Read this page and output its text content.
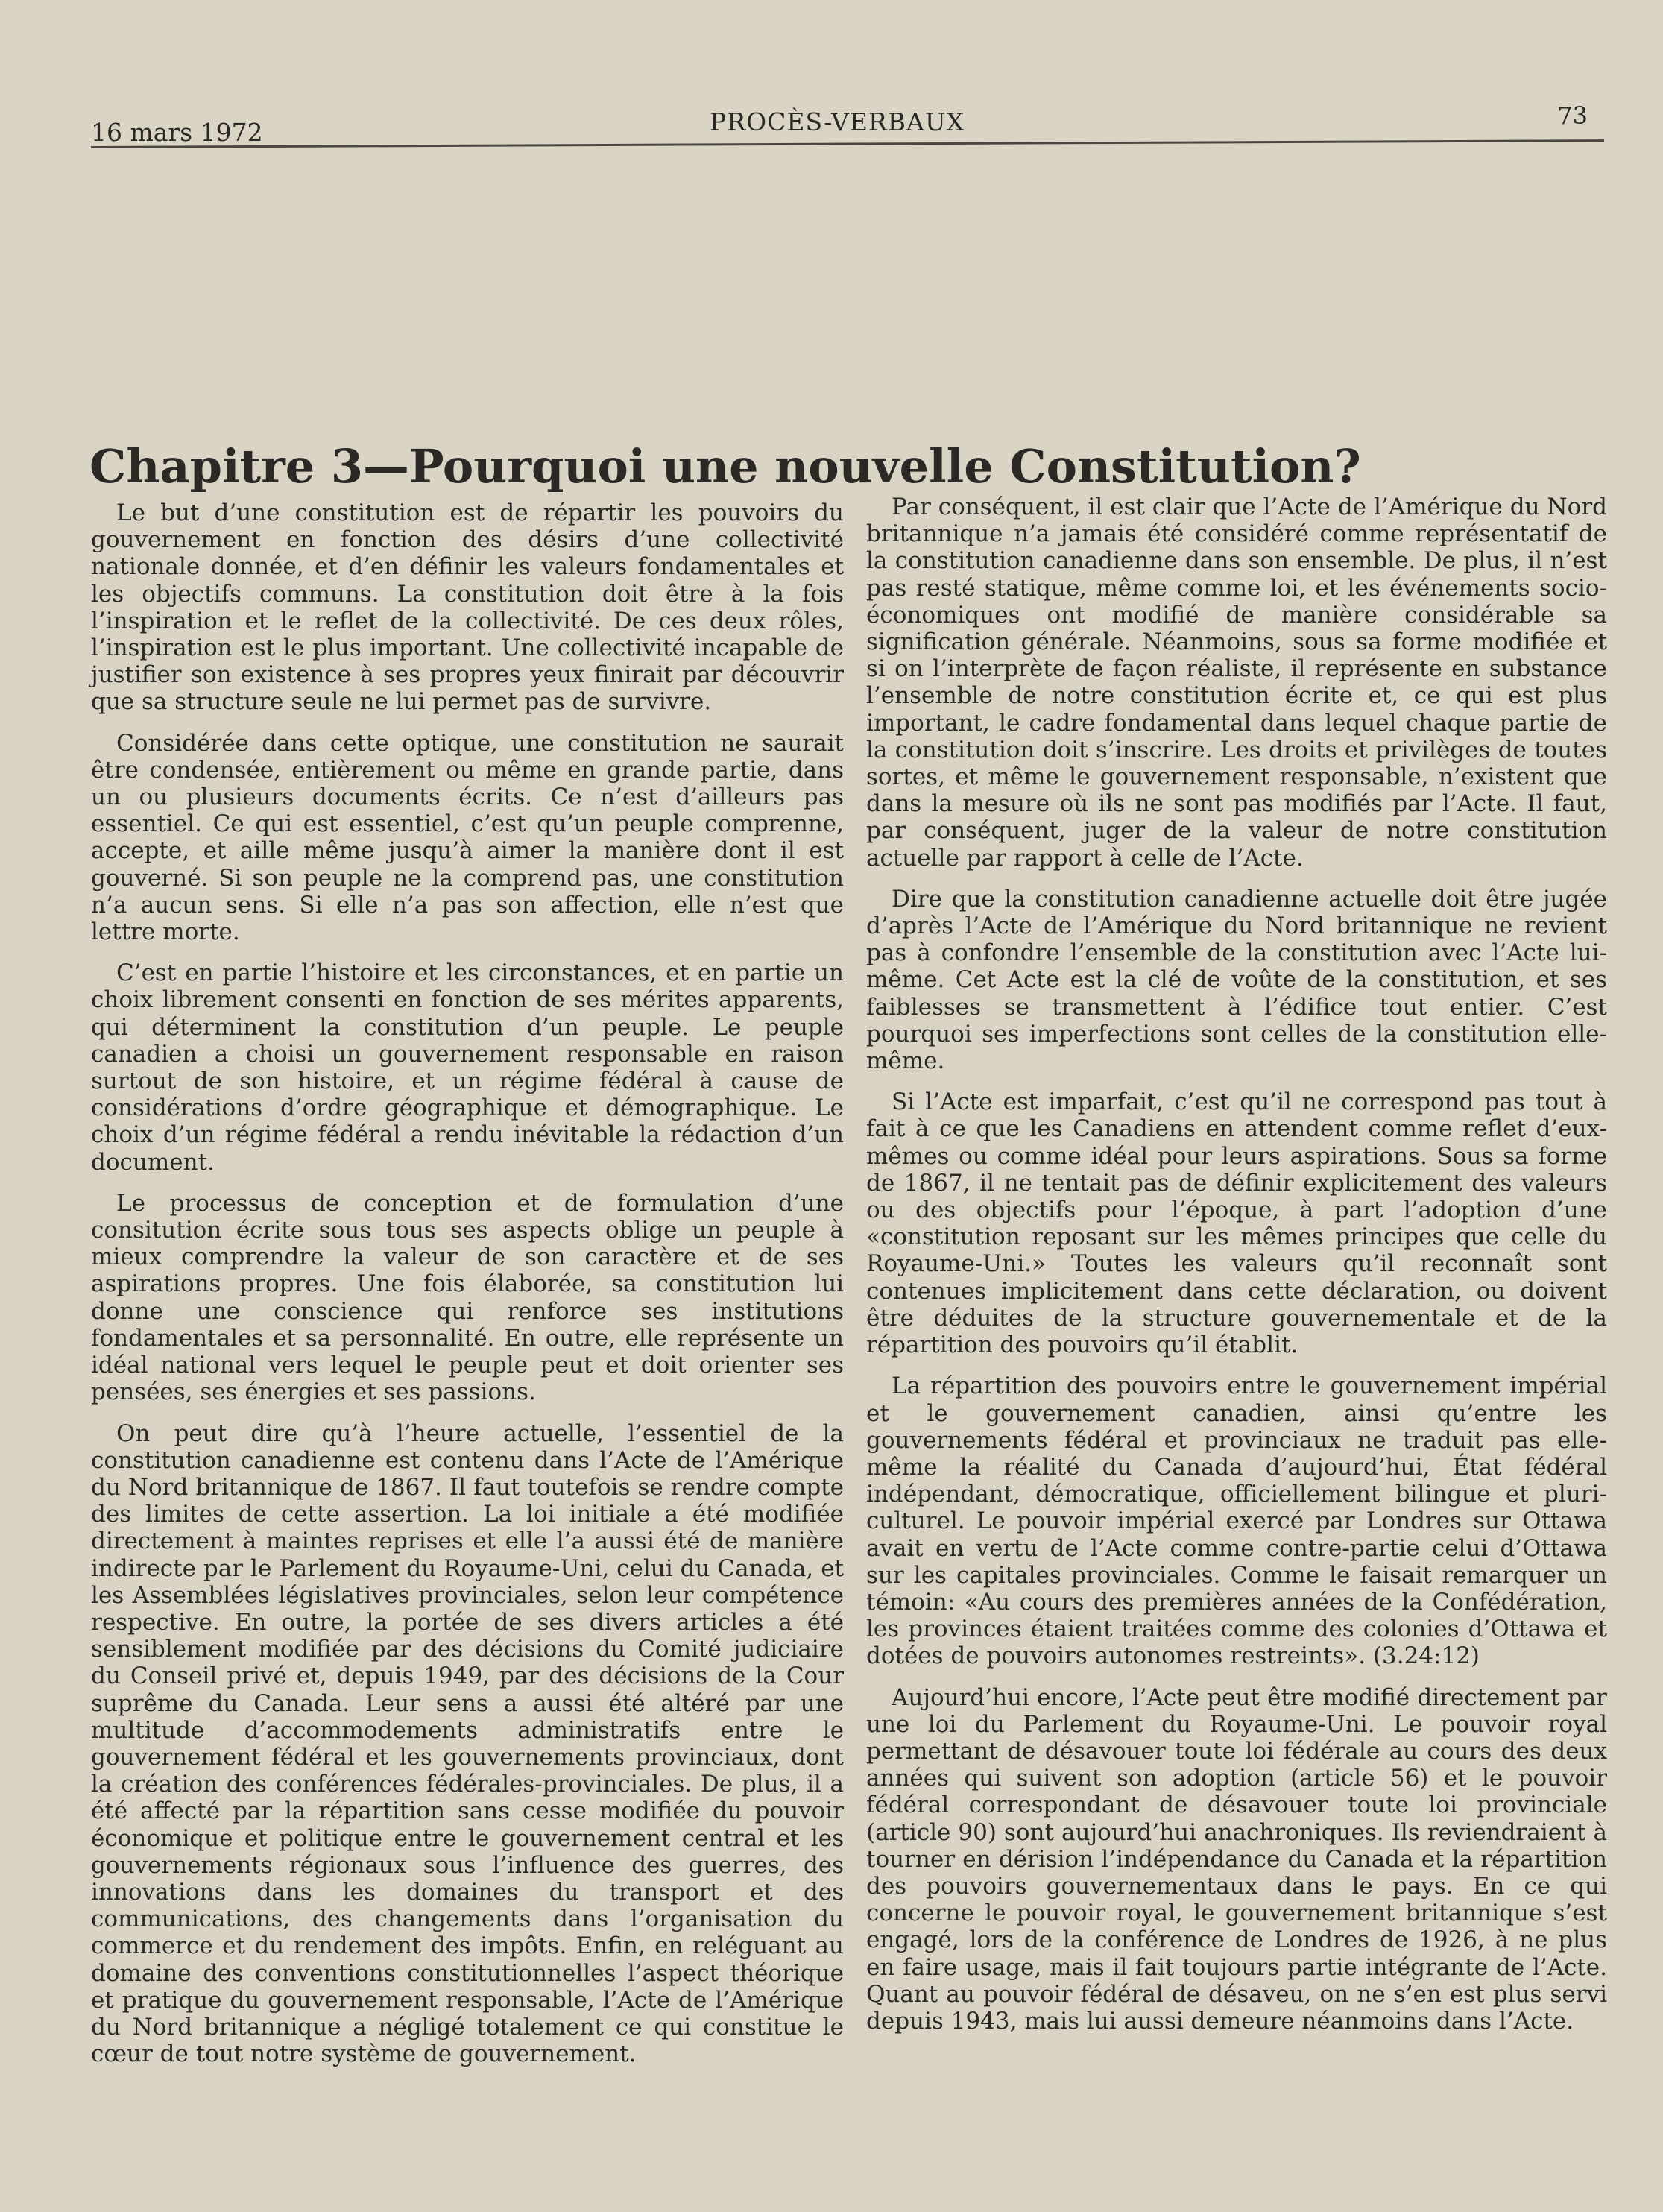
16 mars 1972	PROCÈS-VERBAUX	73
Chapitre 3—Pourquoi une nouvelle Constitution?

Le but d’une constitution est de répartir les pouvoirs du gouvernement en fonction des désirs d’une collectivité nationale donnée, et d’en définir les valeurs fondamentales et les objectifs communs. La constitution doit être à la fois l’inspiration et le reflet de la collectivité. De ces deux rôles, l’inspiration est le plus important. Une collectivité incapable de justifier son existence à ses propres yeux finirait par découvrir que sa structure seule ne lui permet pas de survivre.

Considérée dans cette optique, une constitution ne saurait être condensée, entièrement ou même en grande partie, dans un ou plusieurs documents écrits. Ce n’est d’ailleurs pas essentiel. Ce qui est essentiel, c’est qu’un peuple comprenne, accepte, et aille même jusqu’à aimer la manière dont il est gouverné. Si son peuple ne la comprend pas, une constitution n’a aucun sens. Si elle n’a pas son affection, elle n’est que lettre morte.

C’est en partie l’histoire et les circonstances, et en partie un choix librement consenti en fonction de ses mérites apparents, qui déterminent la constitution d’un peuple. Le peuple canadien a choisi un gouvernement responsable en raison surtout de son histoire, et un régime fédéral à cause de considérations d’ordre géographique et démographique. Le choix d’un régime fédéral a rendu inévitable la rédaction d’un document.

Le processus de conception et de formulation d’une consitution écrite sous tous ses aspects oblige un peuple à mieux comprendre la valeur de son caractère et de ses aspirations propres. Une fois élaborée, sa constitution lui donne une conscience qui renforce ses institutions fondamentales et sa personnalité. En outre, elle représente un idéal national vers lequel le peuple peut et doit orienter ses pensées, ses énergies et ses passions.

On peut dire qu’à l’heure actuelle, l’essentiel de la constitution canadienne est contenu dans l’Acte de l’Amérique du Nord britannique de 1867. Il faut toutefois se rendre compte des limites de cette assertion. La loi initiale a été modifiée directement à maintes reprises et elle l’a aussi été de manière indirecte par le Parlement du Royaume-Uni, celui du Canada, et les Assemblées législatives provinciales, selon leur compétence respective. En outre, la portée de ses divers articles a été sensiblement modifiée par des décisions du Comité judiciaire du Conseil privé et, depuis 1949, par des décisions de la Cour suprême du Canada. Leur sens a aussi été altéré par une multitude d’accommodements administratifs entre le gouvernement fédéral et les gouvernements provinciaux, dont la création des conférences fédérales-provinciales. De plus, il a été affecté par la répartition sans cesse modifiée du pouvoir économique et politique entre le gouvernement central et les gouvernements régionaux sous l’influence des guerres, des innovations dans les domaines du transport et des communications, des changements dans l’organisation du commerce et du rendement des impôts. Enfin, en reléguant au domaine des conventions constitutionnelles l’aspect théorique et pratique du gouvernement responsable, l’Acte de l’Amérique du Nord britannique a négligé totalement ce qui constitue le cœur de tout notre système de gouvernement.

Par conséquent, il est clair que l’Acte de l’Amérique du Nord britannique n’a jamais été considéré comme représentatif de la constitution canadienne dans son ensemble. De plus, il n’est pas resté statique, même comme loi, et les événements socio-économiques ont modifié de manière considérable sa signification générale. Néanmoins, sous sa forme modifiée et si on l’interprète de façon réaliste, il représente en substance l’ensemble de notre constitution écrite et, ce qui est plus important, le cadre fondamental dans lequel chaque partie de la constitution doit s’inscrire. Les droits et privilèges de toutes sortes, et même le gouvernement responsable, n’existent que dans la mesure où ils ne sont pas modifiés par l’Acte. Il faut, par conséquent, juger de la valeur de notre constitution actuelle par rapport à celle de l’Acte.

Dire que la constitution canadienne actuelle doit être jugée d’après l’Acte de l’Amérique du Nord britannique ne revient pas à confondre l’ensemble de la constitution avec l’Acte lui-même. Cet Acte est la clé de voûte de la constitution, et ses faiblesses se transmettent à l’édifice tout entier. C’est pourquoi ses imperfections sont celles de la constitution elle-même.

Si l’Acte est imparfait, c’est qu’il ne correspond pas tout à fait à ce que les Canadiens en attendent comme reflet d’eux-mêmes ou comme idéal pour leurs aspirations. Sous sa forme de 1867, il ne tentait pas de définir explicitement des valeurs ou des objectifs pour l’époque, à part l’adoption d’une «constitution reposant sur les mêmes principes que celle du Royaume-Uni.» Toutes les valeurs qu’il reconnaît sont contenues implicitement dans cette déclaration, ou doivent être déduites de la structure gouvernementale et de la répartition des pouvoirs qu’il établit.

La répartition des pouvoirs entre le gouvernement impérial et le gouvernement canadien, ainsi qu’entre les gouvernements fédéral et provinciaux ne traduit pas elle-même la réalité du Canada d’aujourd’hui, État fédéral indépendant, démocratique, officiellement bilingue et pluri-culturel. Le pouvoir impérial exercé par Londres sur Ottawa avait en vertu de l’Acte comme contre-partie celui d’Ottawa sur les capitales provinciales. Comme le faisait remarquer un témoin: «Au cours des premières années de la Confédération, les provinces étaient traitées comme des colonies d’Ottawa et dotées de pouvoirs autonomes restreints». (3.24:12)

Aujourd’hui encore, l’Acte peut être modifié directement par une loi du Parlement du Royaume-Uni. Le pouvoir royal permettant de désavouer toute loi fédérale au cours des deux années qui suivent son adoption (article 56) et le pouvoir fédéral correspondant de désavouer toute loi provinciale (article 90) sont aujourd’hui anachroniques. Ils reviendraient à tourner en dérision l’indépendance du Canada et la répartition des pouvoirs gouvernementaux dans le pays. En ce qui concerne le pouvoir royal, le gouvernement britannique s’est engagé, lors de la conférence de Londres de 1926, à ne plus en faire usage, mais il fait toujours partie intégrante de l’Acte. Quant au pouvoir fédéral de désaveu, on ne s’en est plus servi depuis 1943, mais lui aussi demeure néanmoins dans l’Acte.
